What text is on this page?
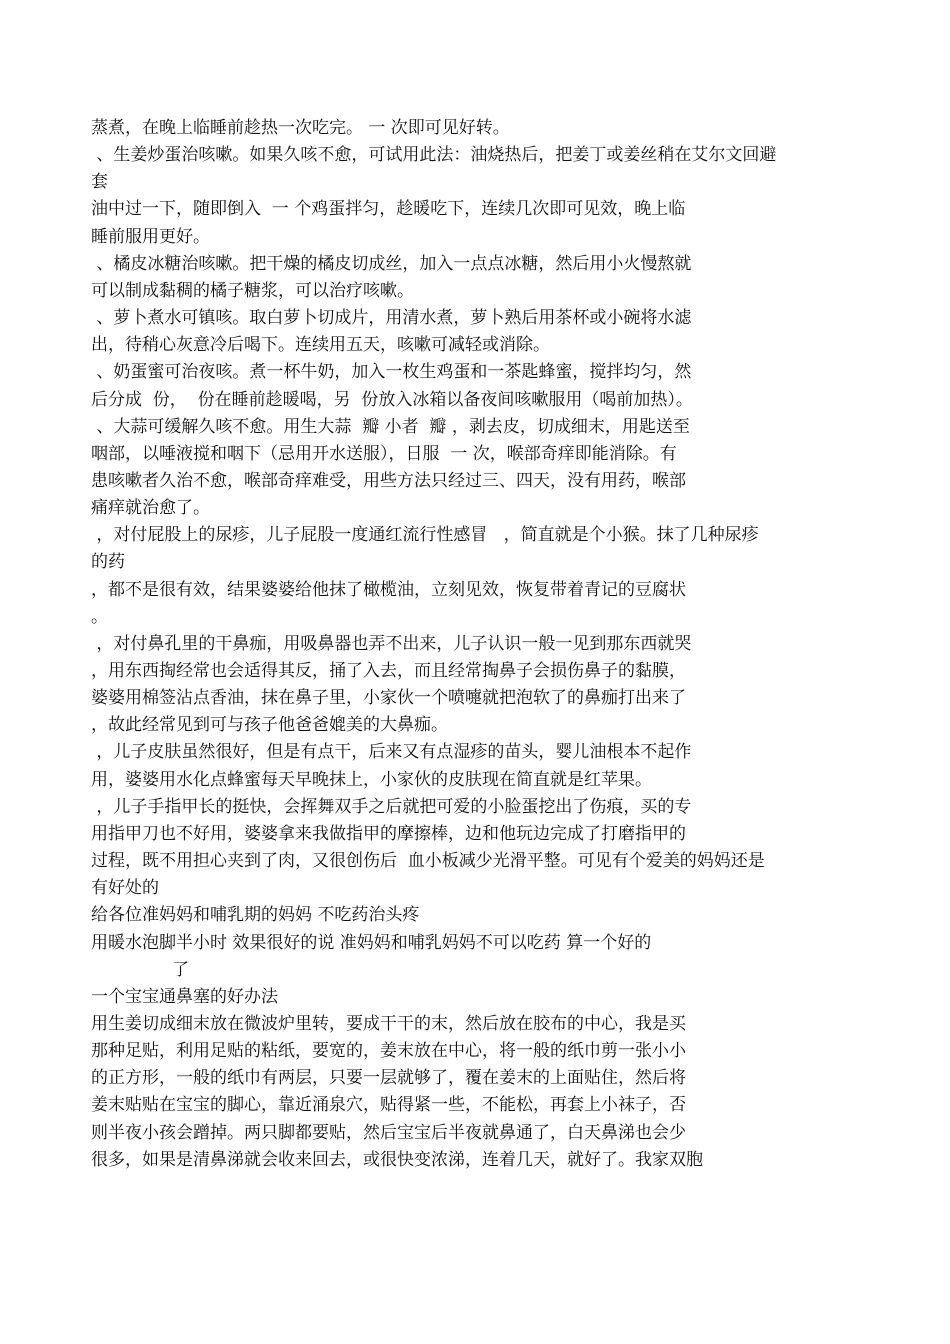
蒸煮，在晚上临睡前趁热一次吃完。 一 次即可见好转。
、生姜炒蛋治咳嗽。如果久咳不愈，可试用此法：油烧热后，把姜丁或姜丝稍在艾尔文回避
套
油中过一下，随即倒入  一 个鸡蛋拌匀，趁暖吃下，连续几次即可见效，晚上临
睡前服用更好。
、橘皮冰糖治咳嗽。把干燥的橘皮切成丝，加入一点点冰糖，然后用小火慢熬就
可以制成黏稠的橘子糖浆，可以治疗咳嗽。
、萝卜煮水可镇咳。取白萝卜切成片，用清水煮，萝卜熟后用茶杯或小碗将水滤
出，待稍心灰意冷后喝下。连续用五天，咳嗽可减轻或消除。
、奶蛋蜜可治夜咳。煮一杯牛奶，加入一枚生鸡蛋和一茶匙蜂蜜，搅拌均匀，然
后分成  份，  份在睡前趁暖喝，另  份放入冰箱以备夜间咳嗽服用（喝前加热）。
、大蒜可缓解久咳不愈。用生大蒜  瓣 小者  瓣 ，剥去皮，切成细末，用匙送至
咽部，以唾液搅和咽下（忌用开水送服），日服  一 次，喉部奇痒即能消除。有
患咳嗽者久治不愈，喉部奇痒难受，用些方法只经过三、四天，没有用药，喉部
痛痒就治愈了。
，对付屁股上的尿疹，儿子屁股一度通红流行性感冒   ，简直就是个小猴。抹了几种尿疹
的药
，都不是很有效，结果婆婆给他抹了橄榄油，立刻见效，恢复带着青记的豆腐状
。
，对付鼻孔里的干鼻痂，用吸鼻器也弄不出来，儿子认识一般一见到那东西就哭
，用东西掏经常也会适得其反，捅了入去，而且经常掏鼻子会损伤鼻子的黏膜，
婆婆用棉签沾点香油，抹在鼻子里，小家伙一个喷嚏就把泡软了的鼻痂打出来了
，故此经常见到可与孩子他爸爸媲美的大鼻痂。
，儿子皮肤虽然很好，但是有点干，后来又有点湿疹的苗头，婴儿油根本不起作
用，婆婆用水化点蜂蜜每天早晚抹上，小家伙的皮肤现在简直就是红苹果。
，儿子手指甲长的挺快，会挥舞双手之后就把可爱的小脸蛋挖出了伤痕，买的专
用指甲刀也不好用，婆婆拿来我做指甲的摩擦棒，边和他玩边完成了打磨指甲的
过程，既不用担心夹到了肉，又很创伤后  血小板减少光滑平整。可见有个爱美的妈妈还是
有好处的
给各位准妈妈和哺乳期的妈妈 不吃药治头疼
用暖水泡脚半小时 效果很好的说 准妈妈和哺乳妈妈不可以吃药 算一个好的
了
一个宝宝通鼻塞的好办法
用生姜切成细末放在微波炉里转，要成干干的末，然后放在胶布的中心，我是买
那种足贴，利用足贴的粘纸，要宽的，姜末放在中心，将一般的纸巾剪一张小小
的正方形，一般的纸巾有两层，只要一层就够了，覆在姜末的上面贴住，然后将
姜末贴贴在宝宝的脚心，靠近涌泉穴，贴得紧一些，不能松，再套上小袜子，否
则半夜小孩会蹭掉。两只脚都要贴，然后宝宝后半夜就鼻通了，白天鼻涕也会少
很多，如果是清鼻涕就会收来回去，或很快变浓涕，连着几天，就好了。我家双胞
